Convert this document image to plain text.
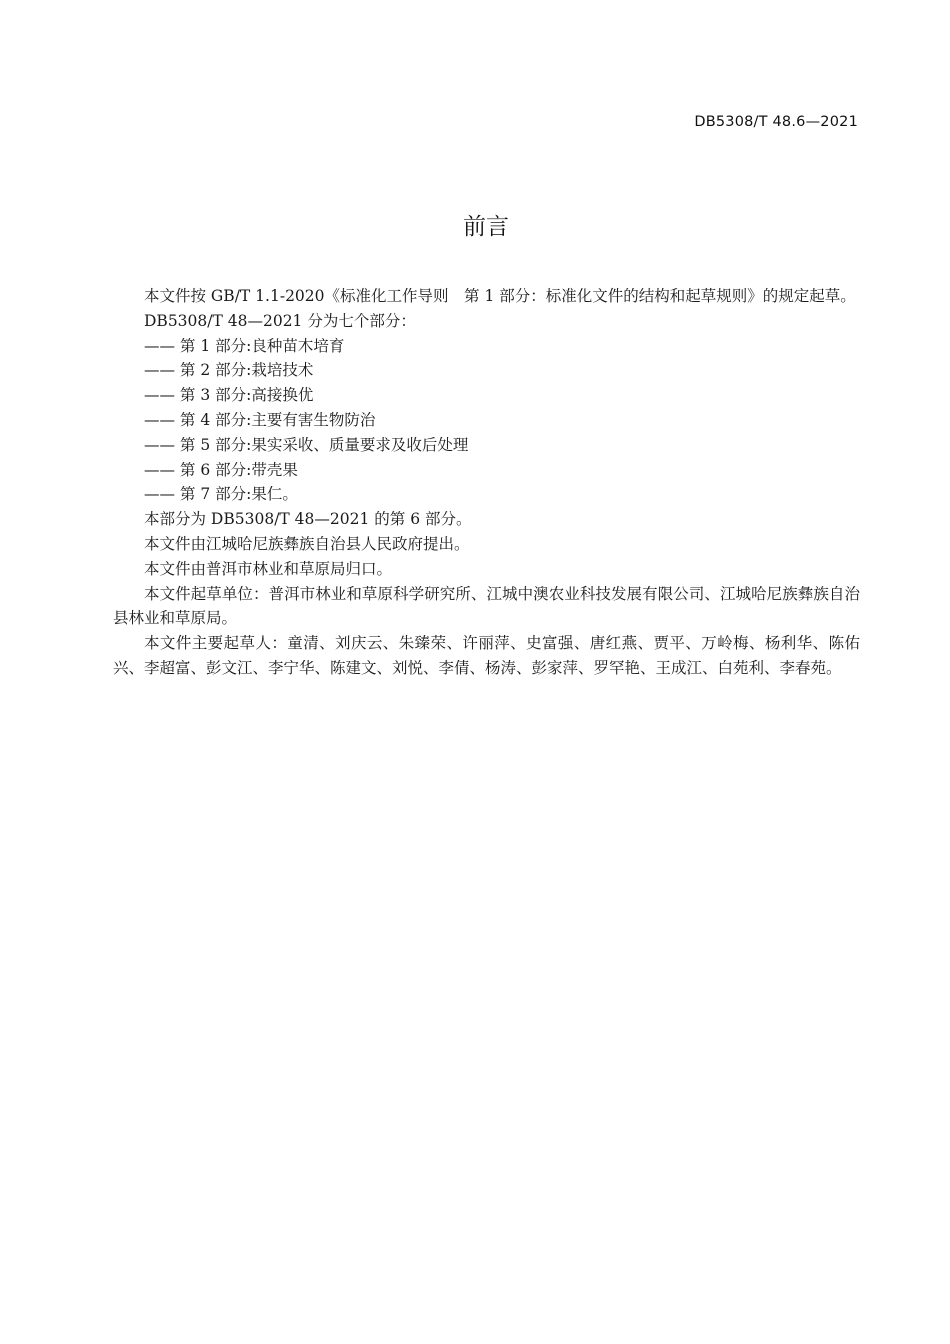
DB5308/T 48.6—2021
前言

本文件按 GB/T 1.1-2020《标准化工作导则　第 1 部分：标准化文件的结构和起草规则》的规定起草。

DB5308/T 48—2021 分为七个部分：

—— 第 1 部分:良种苗木培育

—— 第 2 部分:栽培技术

—— 第 3 部分:高接换优

—— 第 4 部分:主要有害生物防治

—— 第 5 部分:果实采收、质量要求及收后处理

—— 第 6 部分:带壳果

—— 第 7 部分:果仁。

本部分为 DB5308/T 48—2021 的第 6 部分。

本文件由江城哈尼族彝族自治县人民政府提出。

本文件由普洱市林业和草原局归口。

本文件起草单位：普洱市林业和草原科学研究所、江城中澳农业科技发展有限公司、江城哈尼族彝族自治县林业和草原局。

本文件主要起草人：童清、刘庆云、朱臻荣、许丽萍、史富强、唐红燕、贾平、万岭梅、杨利华、陈佑兴、李超富、彭文江、李宁华、陈建文、刘悦、李倩、杨涛、彭家萍、罗罕艳、王成江、白苑利、李春苑。
